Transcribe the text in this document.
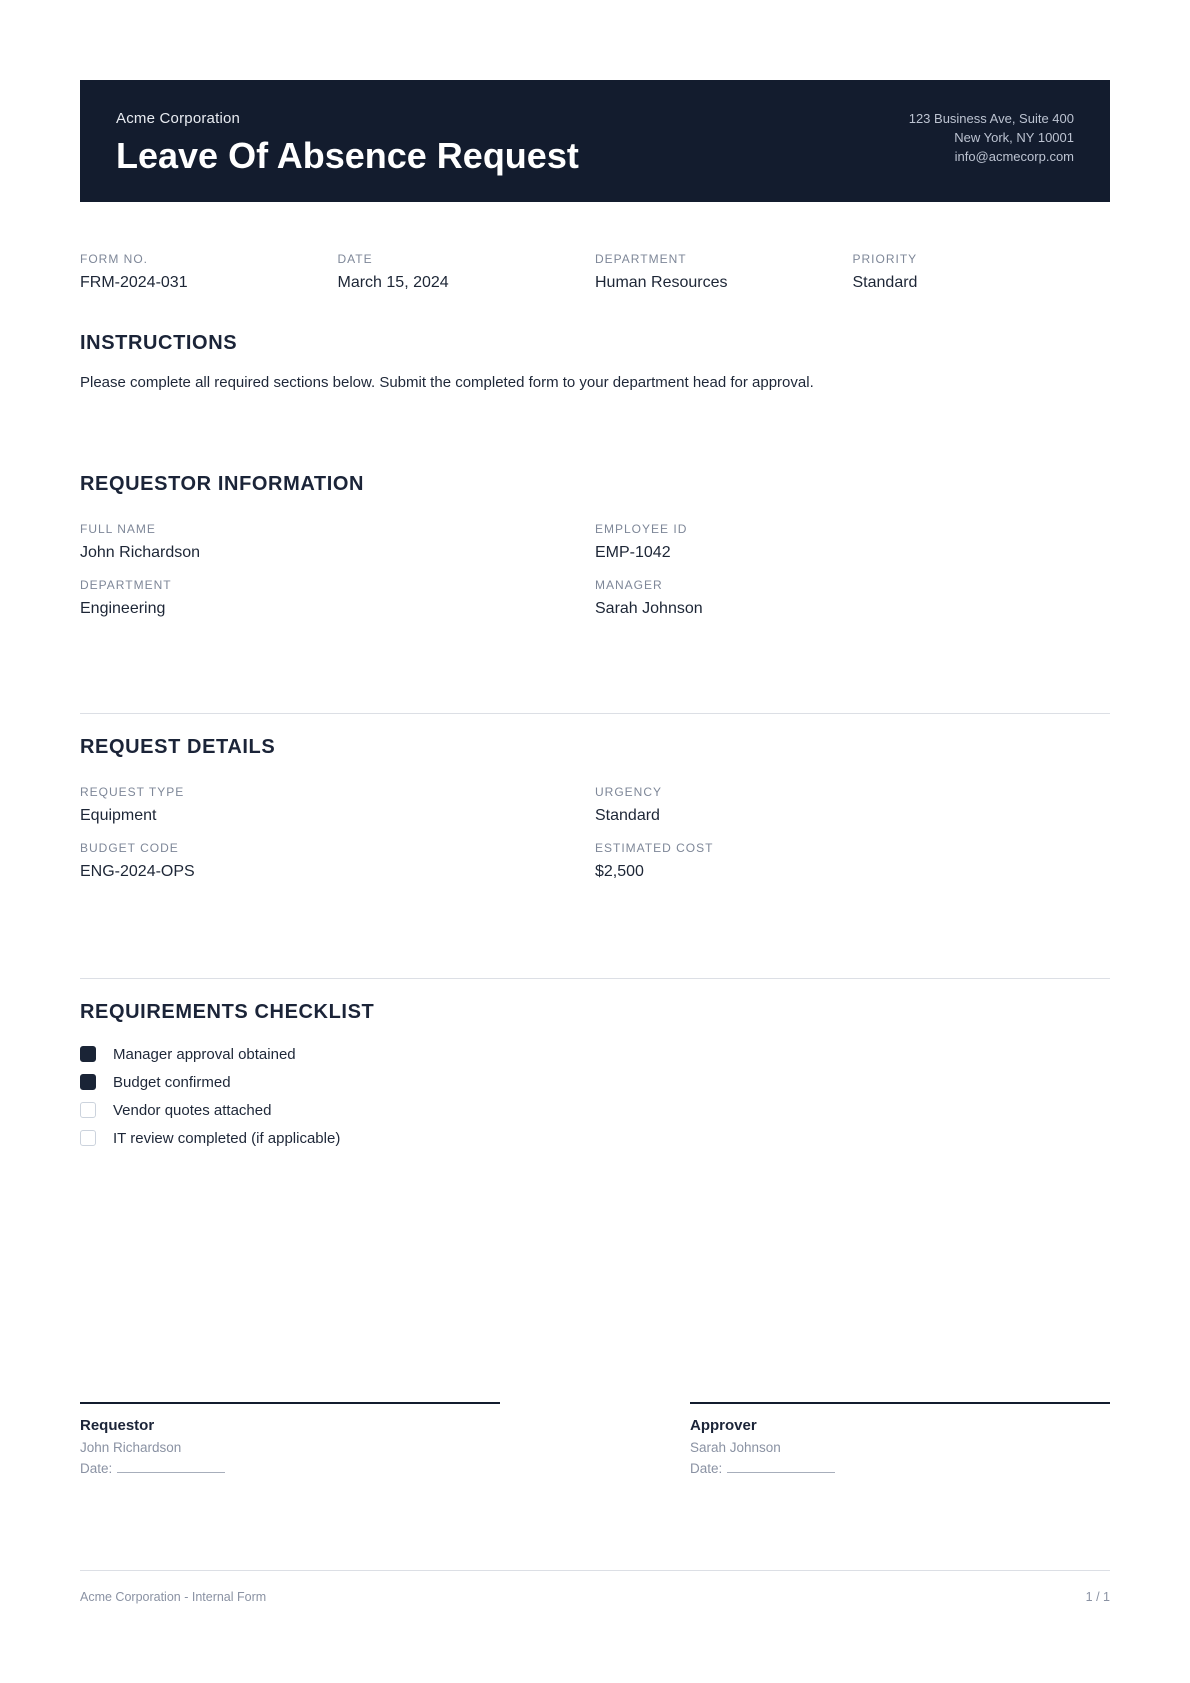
Acme Corporation
Leave Of Absence Request
123 Business Ave, Suite 400
New York, NY 10001
info@acmecorp.com
FORM NO.
FRM-2024-031
DATE
March 15, 2024
DEPARTMENT
Human Resources
PRIORITY
Standard
INSTRUCTIONS
Please complete all required sections below. Submit the completed form to your department head for approval.
REQUESTOR INFORMATION
FULL NAME
John Richardson
EMPLOYEE ID
EMP-1042
DEPARTMENT
Engineering
MANAGER
Sarah Johnson
REQUEST DETAILS
REQUEST TYPE
Equipment
URGENCY
Standard
BUDGET CODE
ENG-2024-OPS
ESTIMATED COST
$2,500
REQUIREMENTS CHECKLIST
Manager approval obtained
Budget confirmed
Vendor quotes attached
IT review completed (if applicable)
Requestor
John Richardson
Date:
Approver
Sarah Johnson
Date:
Acme Corporation - Internal Form	1 / 1
